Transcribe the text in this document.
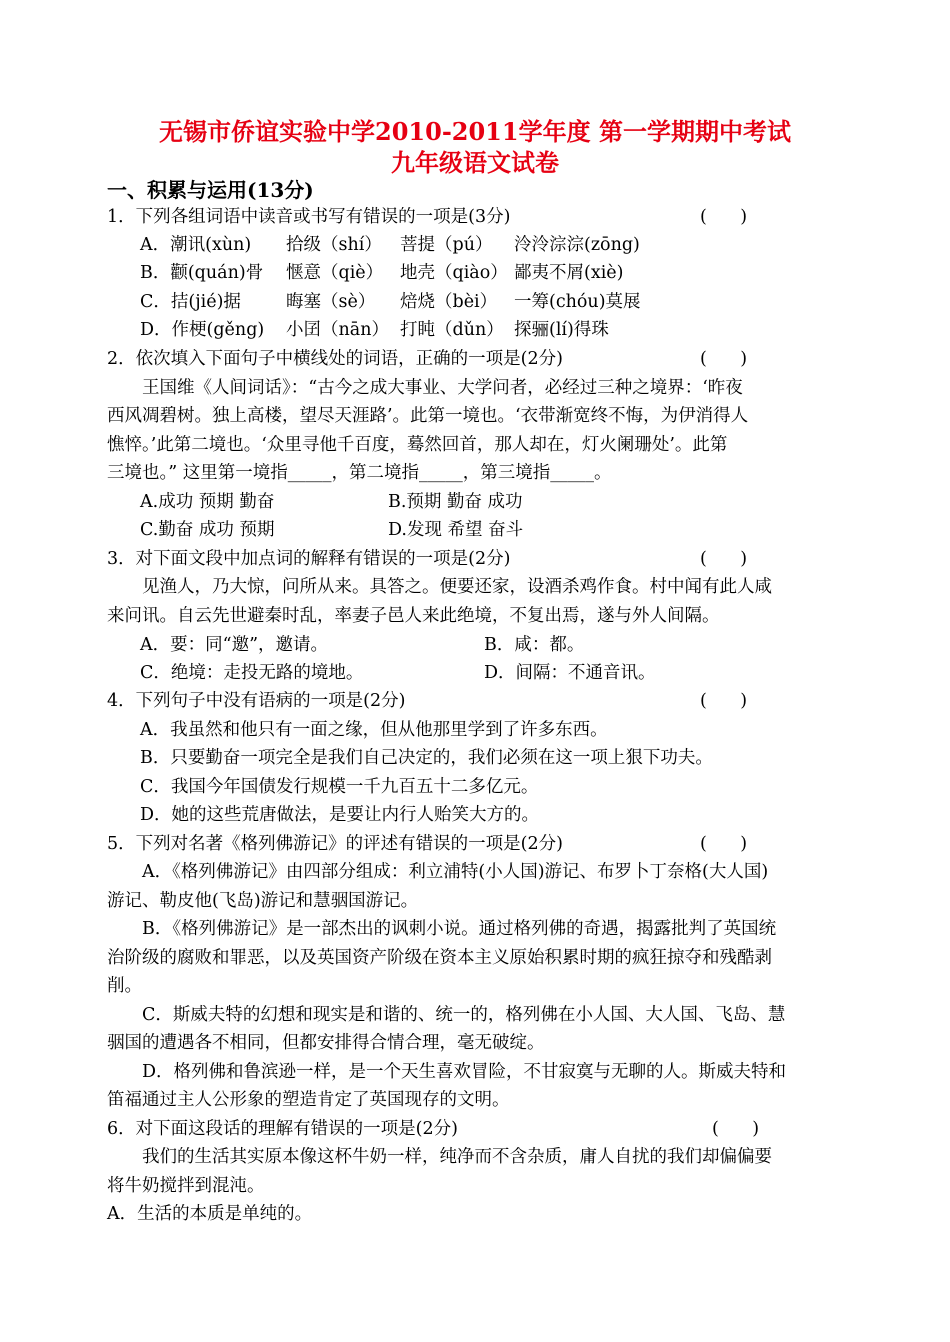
无锡市侨谊实验中学2010-2011学年度 第一学期期中考试
九年级语文试卷
一、积累与运用(13分)
1．下列各组词语中读音或书写有错误的一项是(3分)	(      )
A．潮讯(xùn) 拾级（shí） 菩提（pú） 泠泠淙淙(zōng)
B．颧(quán)骨 惬意（qiè） 地壳（qiào） 鄙夷不屑(xiè)
C．拮(jié)据	晦塞（sè） 焙烧（bèi） 一筹(chóu)莫展
D．作梗(gěng) 小囝（nān） 打盹（dǔn） 探骊(lí)得珠
2．依次填入下面句子中横线处的词语，正确的一项是(2分)	(      )
王国维《人间词话》：“古今之成大事业、大学问者，必经过三种之境界：‘昨夜
西风凋碧树。独上高楼，望尽天涯路’。此第一境也。‘衣带渐宽终不悔，为伊消得人
憔悴。’此第二境也。‘众里寻他千百度，蓦然回首，那人却在，灯火阑珊处’。此第
三境也。” 这里第一境指_____，第二境指_____，第三境指_____。
A.成功 预期 勤奋	B.预期 勤奋 成功
C.勤奋 成功 预期	D.发现 希望 奋斗
3．对下面文段中加点词的解释有错误的一项是(2分)	(      )
见渔人，乃大惊，问所从来。具答之。便要还家，设酒杀鸡作食。村中闻有此人咸
来问讯。自云先世避秦时乱，率妻子邑人来此绝境，不复出焉，遂与外人间隔。
A．要：同“邀”，邀请。	B．咸：都。
C．绝境：走投无路的境地。	D．间隔：不通音讯。
4．下列句子中没有语病的一项是(2分)	(      )
A．我虽然和他只有一面之缘，但从他那里学到了许多东西。
B．只要勤奋一项完全是我们自己决定的，我们必须在这一项上狠下功夫。
C．我国今年国债发行规模一千九百五十二多亿元。
D．她的这些荒唐做法，是要让内行人贻笑大方的。
5．下列对名著《格列佛游记》的评述有错误的一项是(2分)	(      )
A．《格列佛游记》由四部分组成：利立浦特(小人国)游记、布罗卜丁奈格(大人国)
游记、勒皮他(飞岛)游记和慧骃国游记。
B．《格列佛游记》是一部杰出的讽刺小说。通过格列佛的奇遇，揭露批判了英国统
治阶级的腐败和罪恶，以及英国资产阶级在资本主义原始积累时期的疯狂掠夺和残酷剥
削。
C．斯威夫特的幻想和现实是和谐的、统一的，格列佛在小人国、大人国、飞岛、慧
骃国的遭遇各不相同，但都安排得合情合理，毫无破绽。
D．格列佛和鲁滨逊一样，是一个天生喜欢冒险，不甘寂寞与无聊的人。斯威夫特和
笛福通过主人公形象的塑造肯定了英国现存的文明。
6．对下面这段话的理解有错误的一项是(2分)	(      )
我们的生活其实原本像这杯牛奶一样，纯净而不含杂质，庸人自扰的我们却偏偏要
将牛奶搅拌到混沌。
A．生活的本质是单纯的。
